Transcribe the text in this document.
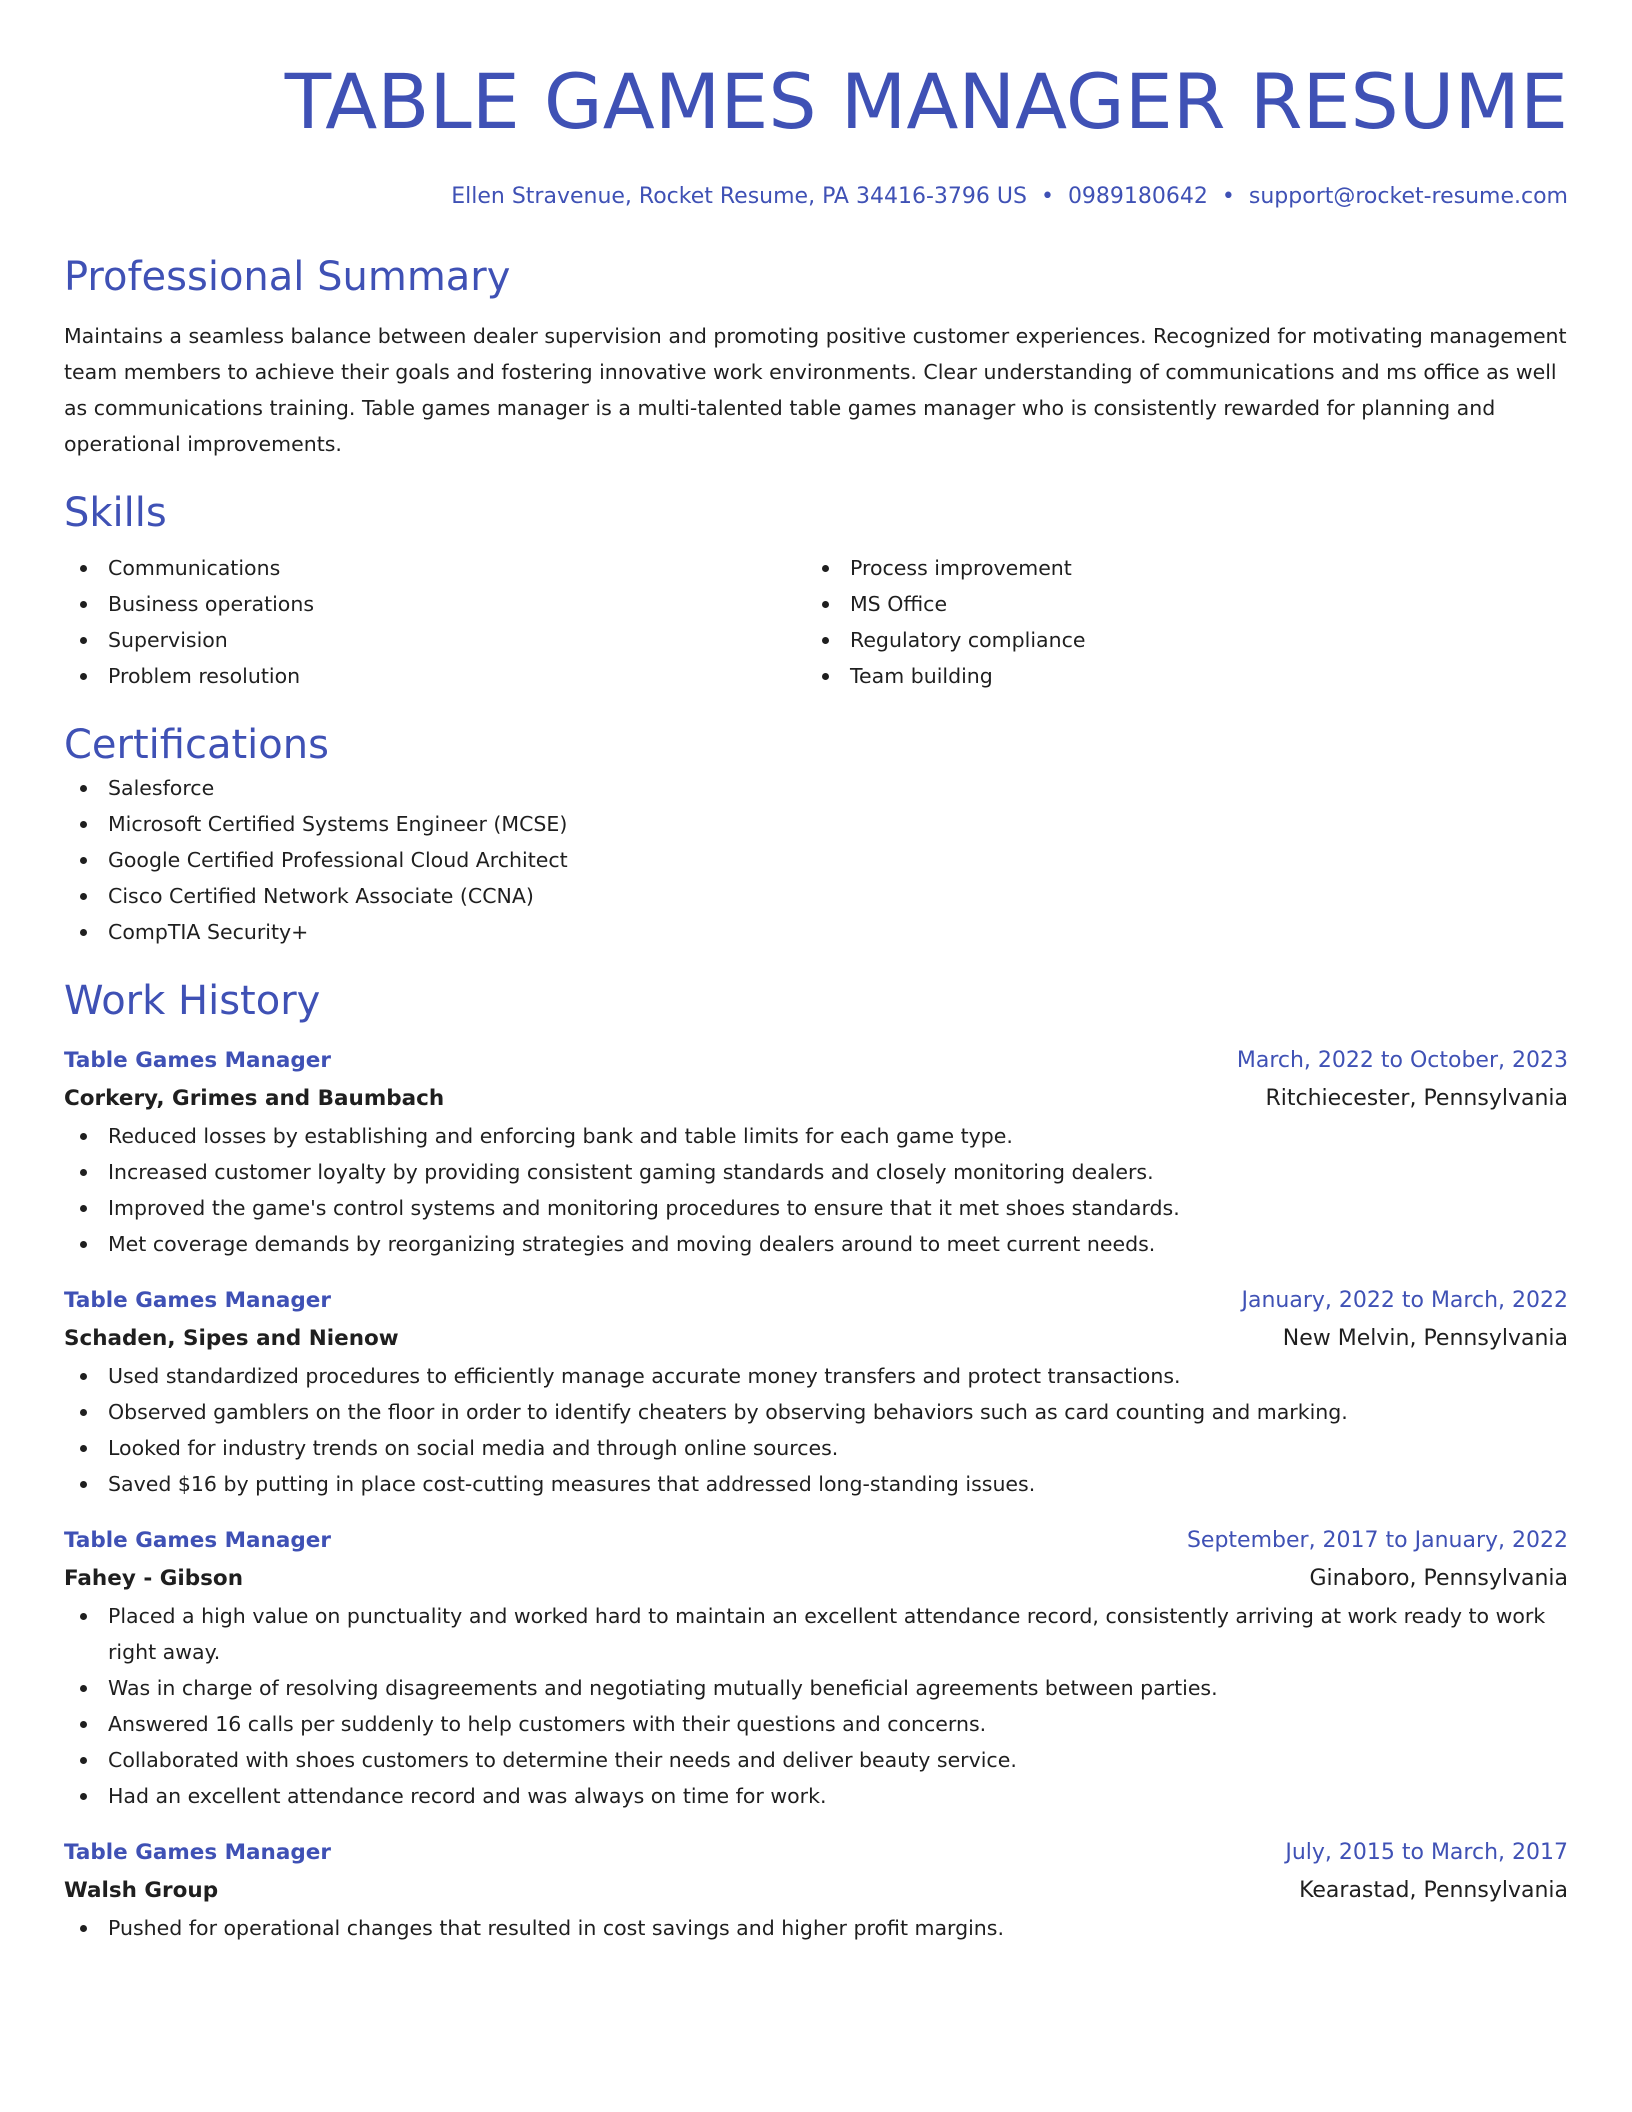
TABLE GAMES MANAGER RESUME
Ellen Stravenue, Rocket Resume, PA 34416-3796 US • 0989180642 • support@rocket-resume.com
Professional Summary
Maintains a seamless balance between dealer supervision and promoting positive customer experiences. Recognized for motivating management team members to achieve their goals and fostering innovative work environments. Clear understanding of communications and ms office as well as communications training. Table games manager is a multi-talented table games manager who is consistently rewarded for planning and operational improvements.
Skills
Communications
Business operations
Supervision
Problem resolution
Process improvement
MS Office
Regulatory compliance
Team building
Certifications
Salesforce
Microsoft Certified Systems Engineer (MCSE)
Google Certified Professional Cloud Architect
Cisco Certified Network Associate (CCNA)
CompTIA Security+
Work History
Table Games Manager	March, 2022 to October, 2023
Corkery, Grimes and Baumbach	Ritchiecester, Pennsylvania
Reduced losses by establishing and enforcing bank and table limits for each game type.
Increased customer loyalty by providing consistent gaming standards and closely monitoring dealers.
Improved the game's control systems and monitoring procedures to ensure that it met shoes standards.
Met coverage demands by reorganizing strategies and moving dealers around to meet current needs.
Table Games Manager	January, 2022 to March, 2022
Schaden, Sipes and Nienow	New Melvin, Pennsylvania
Used standardized procedures to efficiently manage accurate money transfers and protect transactions.
Observed gamblers on the floor in order to identify cheaters by observing behaviors such as card counting and marking.
Looked for industry trends on social media and through online sources.
Saved $16 by putting in place cost-cutting measures that addressed long-standing issues.
Table Games Manager	September, 2017 to January, 2022
Fahey - Gibson	Ginaboro, Pennsylvania
Placed a high value on punctuality and worked hard to maintain an excellent attendance record, consistently arriving at work ready to work right away.
Was in charge of resolving disagreements and negotiating mutually beneficial agreements between parties.
Answered 16 calls per suddenly to help customers with their questions and concerns.
Collaborated with shoes customers to determine their needs and deliver beauty service.
Had an excellent attendance record and was always on time for work.
Table Games Manager	July, 2015 to March, 2017
Walsh Group	Kearastad, Pennsylvania
Pushed for operational changes that resulted in cost savings and higher profit margins.
